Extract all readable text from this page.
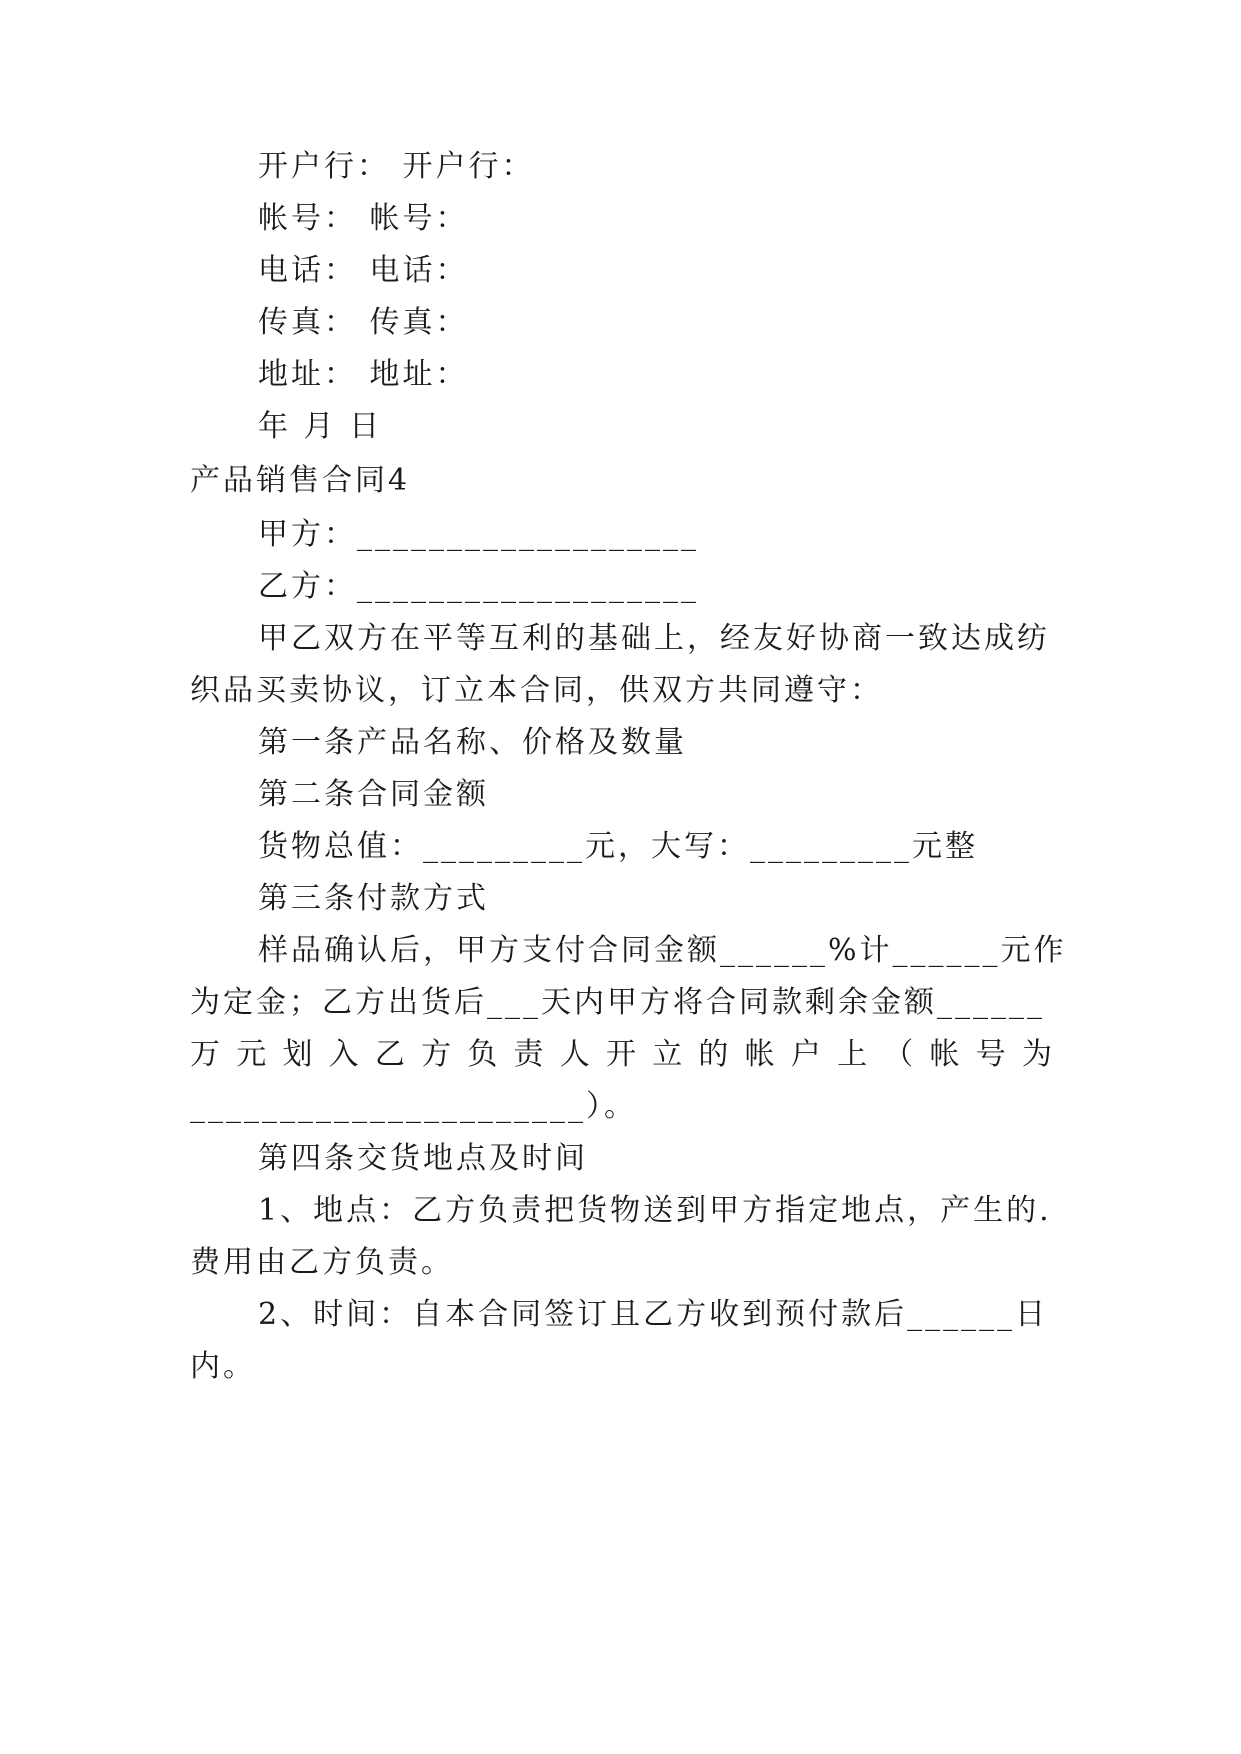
开户行： 开户行：
帐号： 帐号：
电话： 电话：
传真： 传真：
地址： 地址：
年 月 日
产品销售合同4
甲方：___________________
乙方：___________________
甲乙双方在平等互利的基础上，经友好协商一致达成纺
织品买卖协议，订立本合同，供双方共同遵守：
第一条产品名称、价格及数量
第二条合同金额
货物总值：_________元，大写：_________元整
第三条付款方式
样品确认后，甲方支付合同金额______%计______元作
为定金；乙方出货后___天内甲方将合同款剩余金额______
万 元 划 入 乙 方 负 责 人 开 立 的 帐 户 上 （ 帐 号 为
______________________）。
第四条交货地点及时间
1、地点：乙方负责把货物送到甲方指定地点，产生的.
费用由乙方负责。
2、时间：自本合同签订且乙方收到预付款后______日
内。
